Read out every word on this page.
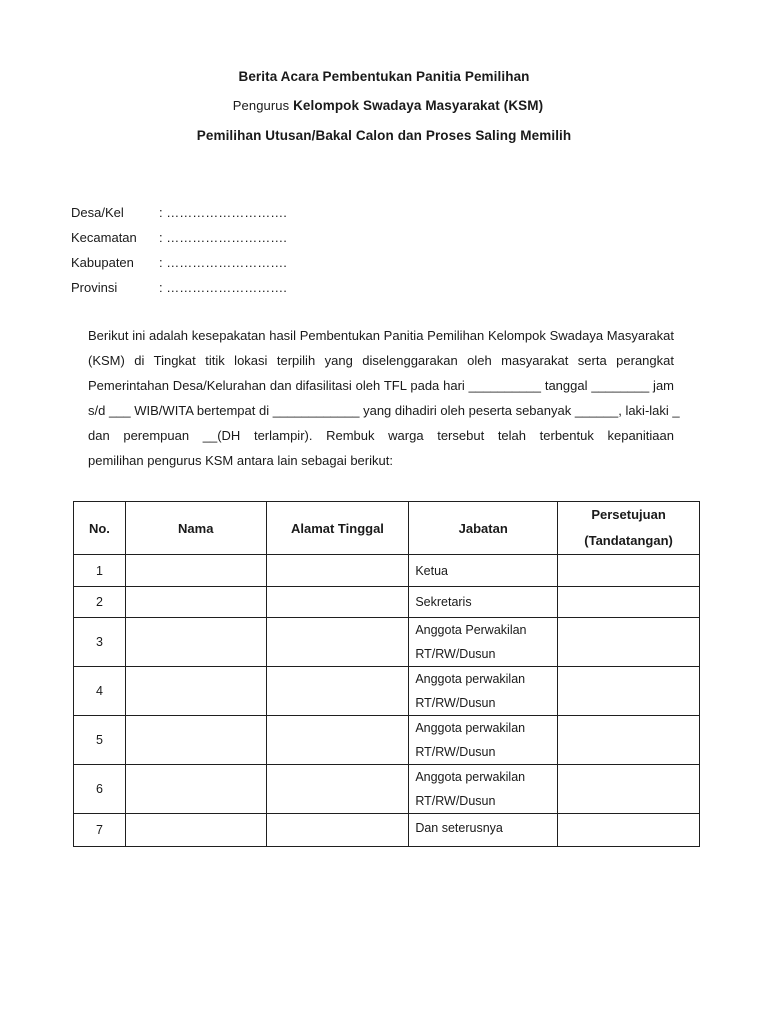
Berita Acara Pembentukan Panitia Pemilihan
Pengurus Kelompok Swadaya Masyarakat (KSM)
Pemilihan Utusan/Bakal Calon dan Proses Saling Memilih
Desa/Kel	: ……………………….
Kecamatan : ……………………….
Kabupaten : ……………………….
Provinsi	: ……………………….
Berikut ini adalah kesepakatan hasil Pembentukan Panitia Pemilihan Kelompok Swadaya Masyarakat
(KSM) di Tingkat titik lokasi terpilih yang diselenggarakan oleh masyarakat serta perangkat
Pemerintahan Desa/Kelurahan dan difasilitasi oleh TFL pada hari __________ tanggal ________ jam
s/d ___ WIB/WITA bertempat di ____________ yang dihadiri oleh peserta sebanyak ______, laki-laki _
dan perempuan __(DH terlampir). Rembuk warga tersebut telah terbentuk kepanitiaan
pemilihan pengurus KSM antara lain sebagai berikut:
No.	Nama	Alamat Tinggal	Jabatan	Persetujuan
(Tandatangan)

1			Ketua	

2			Sekretaris	

3			Anggota Perwakilan
RT/RW/Dusun	

4			Anggota perwakilan
RT/RW/Dusun	

5			Anggota perwakilan
RT/RW/Dusun	

6			Anggota perwakilan
RT/RW/Dusun	

7			Dan seterusnya	
